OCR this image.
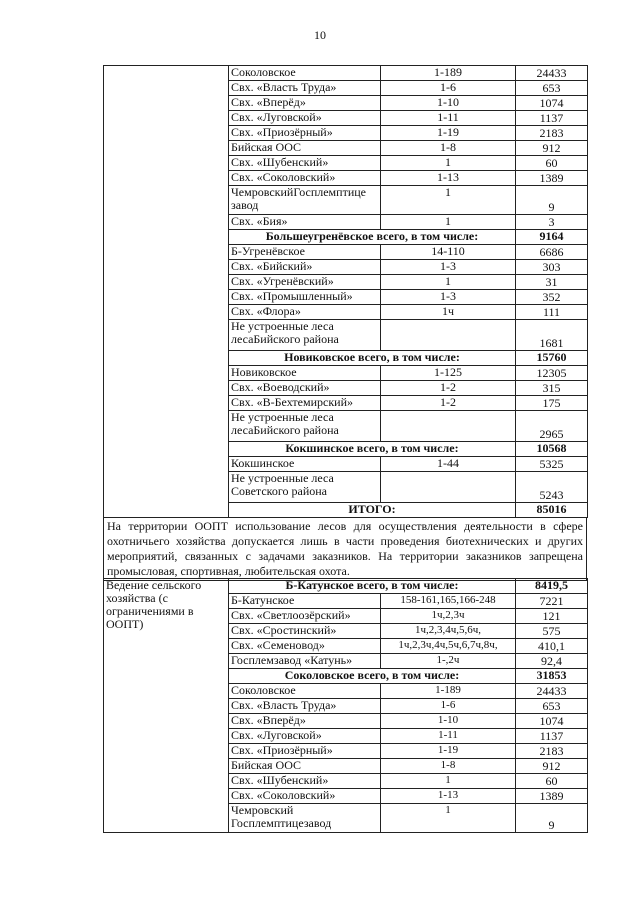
10
	Соколовское	1-189	24433
	Свх. «Власть Труда»	1-6	653
	Свх. «Вперёд»	1-10	1074
	Свх. «Луговской»	1-11	1137
	Свх. «Приозёрный»	1-19	2183
	Бийская ООС	1-8	912
	Свх. «Шубенский»	1	60
	Свх. «Соколовский»	1-13	1389
	ЧемровскийГосплемптице завод	1	9
	Свх. «Бия»	1	3
	Большеугренёвское всего, в том числе:		9164
	Б-Угренёвское	14-110	6686
	Свх. «Бийский»	1-3	303
	Свх. «Угренёвский»	1	31
	Свх. «Промышленный»	1-3	352
	Свх. «Флора»	1ч	111
	Не устроенные леса лесаБийского района		1681
	Новиковское всего, в том числе:		15760
	Новиковское	1-125	12305
	Свх. «Воеводский»	1-2	315
	Свх. «В-Бехтемирский»	1-2	175
	Не устроенные леса лесаБийского района		2965
	Кокшинское всего, в том числе:		10568
	Кокшинское	1-44	5325
	Не устроенные леса Советского района		5243
	ИТОГО:		85016
На территории ООПТ использование лесов для осуществления деятельности в сфере охотничьего хозяйства допускается лишь в части проведения биотехнических и других мероприятий, связанных с задачами заказников. На территории заказников запрещена промысловая, спортивная, любительская охота.
Ведение сельского хозяйства (с ограничениями в ООПТ)	Б-Катунское всего, в том числе:		8419,5
	Б-Катунское	158-161,165,166-248	7221
	Свх. «Светлоозёрский»	1ч,2,3ч	121
	Свх. «Сростинский»	1ч,2,3,4ч,5,6ч,	575
	Свх. «Семеновод»	1ч,2,3ч,4ч,5ч,6,7ч,8ч,	410,1
	Госплемзавод «Катунь»	1-,2ч	92,4
	Соколовское всего, в том числе:		31853
	Соколовское	1-189	24433
	Свх. «Власть Труда»	1-6	653
	Свх. «Вперёд»	1-10	1074
	Свх. «Луговской»	1-11	1137
	Свх. «Приозёрный»	1-19	2183
	Бийская ООС	1-8	912
	Свх. «Шубенский»	1	60
	Свх. «Соколовский»	1-13	1389
	Чемровский Госплемптицезавод	1	9
